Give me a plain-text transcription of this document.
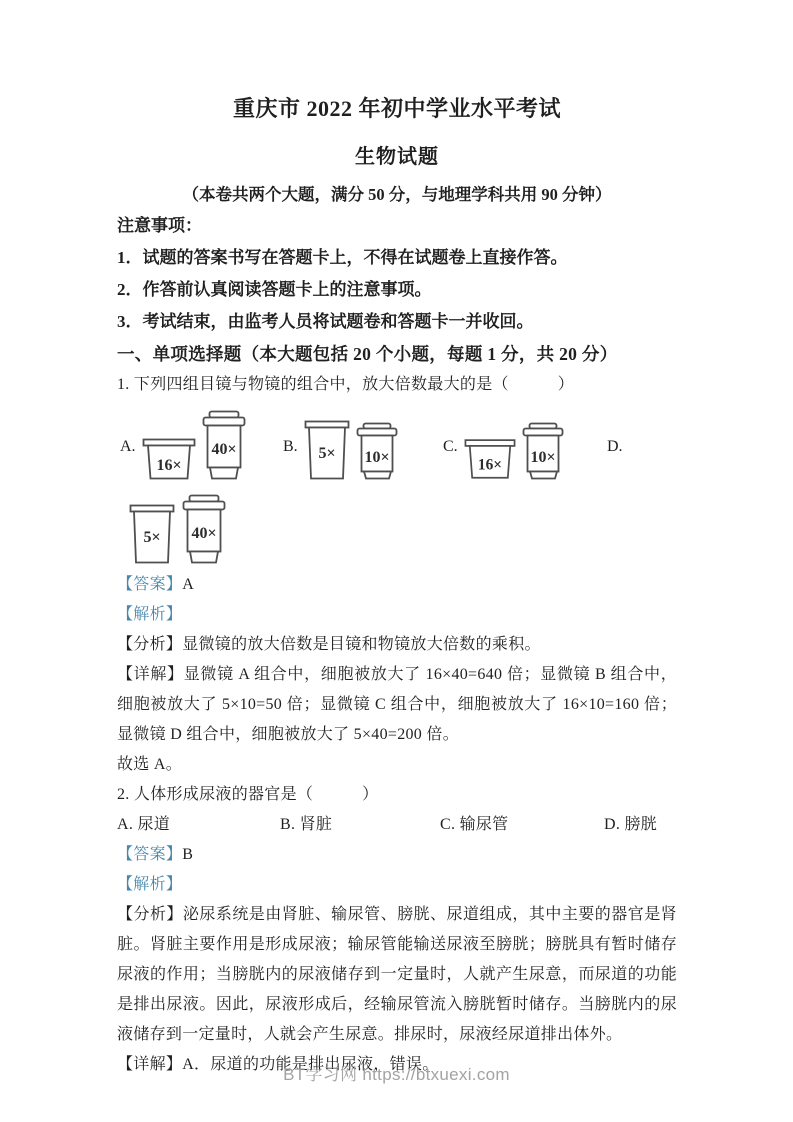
重庆市 2022 年初中学业水平考试
生物试题
（本卷共两个大题，满分 50 分，与地理学科共用 90 分钟）
注意事项：
1．试题的答案书写在答题卡上，不得在试题卷上直接作答。
2．作答前认真阅读答题卡上的注意事项。
3．考试结束，由监考人员将试题卷和答题卡一并收回。
一、单项选择题（本大题包括 20 个小题，每题 1 分，共 20 分）
1. 下列四组目镜与物镜的组合中，放大倍数最大的是（　　　）
A.
16×
40×	B. 5× 10×
C.
16× 10×
D.
5× 40×
【答案】A
【解析】
【分析】显微镜的放大倍数是目镜和物镜放大倍数的乘积。
【详解】显微镜 A 组合中，细胞被放大了 16×40=640 倍；显微镜 B 组合中，细胞被放大了 5×10=50 倍；显微镜 C 组合中，细胞被放大了 16×10=160 倍；显微镜 D 组合中，细胞被放大了 5×40=200 倍。
故选 A。
2. 人体形成尿液的器官是（　　　）
A. 尿道	B. 肾脏	C. 输尿管	D. 膀胱
【答案】B
【解析】
【分析】泌尿系统是由肾脏、输尿管、膀胱、尿道组成，其中主要的器官是肾脏。肾脏主要作用是形成尿液；输尿管能输送尿液至膀胱；膀胱具有暂时储存尿液的作用；当膀胱内的尿液储存到一定量时，人就产生尿意，而尿道的功能是排出尿液。因此，尿液形成后，经输尿管流入膀胱暂时储存。当膀胱内的尿液储存到一定量时，人就会产生尿意。排尿时，尿液经尿道排出体外。
【详解】A．尿道的功能是排出尿液，错误。
BT学习网 https://btxuexi.com
